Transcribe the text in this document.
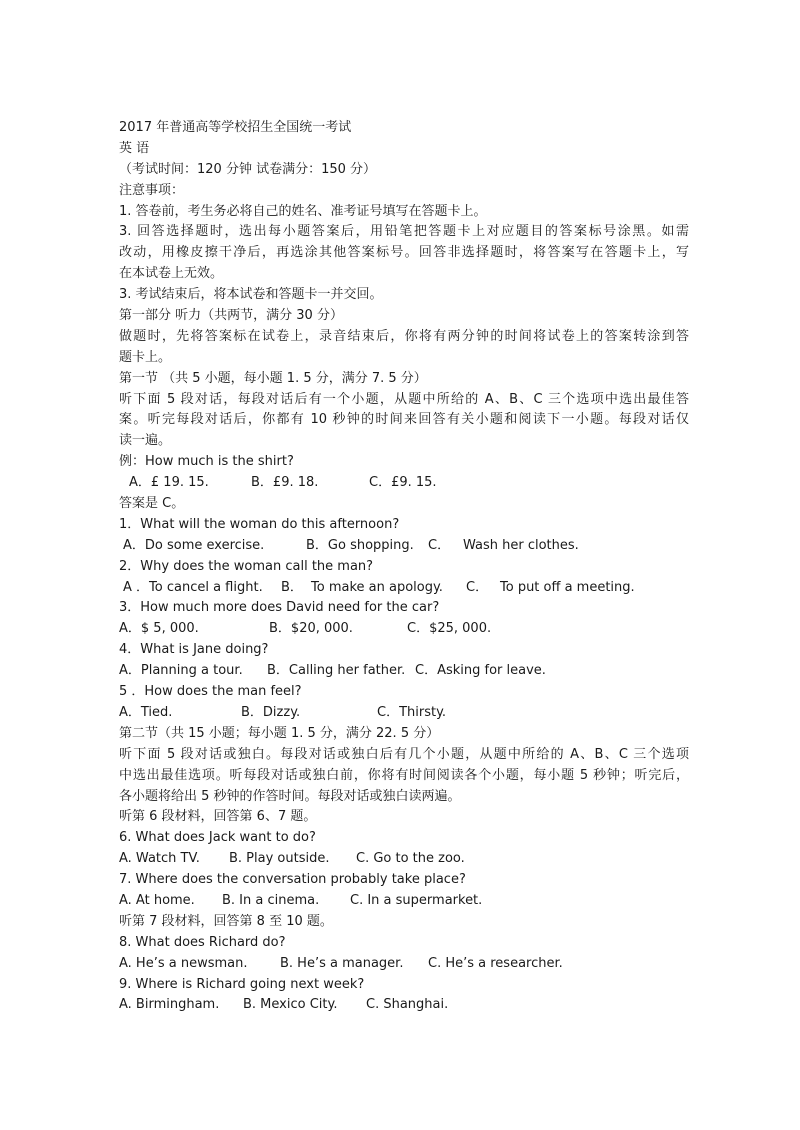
2017 年普通高等学校招生全国统一考试
英 语
（考试时间：120 分钟 试卷满分：150 分）
注意事项：
1. 答卷前，考生务必将自己的姓名、准考证号填写在答题卡上。
3. 回答选择题时，选出每小题答案后，用铅笔把答题卡上对应题目的答案标号涂黑。如需
改动，用橡皮擦干净后，再选涂其他答案标号。回答非选择题时，将答案写在答题卡上，写
在本试卷上无效。
3. 考试结束后，将本试卷和答题卡一并交回。
第一部分 听力（共两节，满分 30 分）
做题时，先将答案标在试卷上，录音结束后，你将有两分钟的时间将试卷上的答案转涂到答
题卡上。
第一节 （共 5 小题，每小题 1. 5 分，满分 7. 5 分）
听下面 5 段对话，每段对话后有一个小题，从题中所给的 A、B、C 三个选项中选出最佳答
案。听完每段对话后，你都有 10 秒钟的时间来回答有关小题和阅读下一小题。每段对话仅
读一遍。
例：How much is the shirt?
A．£ 19. 15.	B．£9. 18.	C．£9. 15.
答案是 C。
1．What will the woman do this afternoon?
A．Do some exercise.	B．Go shopping. C． Wash her clothes.
2．Why does the woman call the man?
A ．To cancel a flight. B． To make an apology. C． To put off a meeting.
3．How much more does David need for the car?
A．$ 5, 000.	B．$20, 000.	C．$25, 000.
4．What is Jane doing?
A．Planning a tour. B．Calling her father. C．Asking for leave.
5 ．How does the man feel?
A．Tied.	B．Dizzy.	C．Thirsty.
第二节（共 15 小题；每小题 1. 5 分，满分 22. 5 分）
听下面 5 段对话或独白。每段对话或独白后有几个小题，从题中所给的 A、B、C 三个选项
中选出最佳选项。听每段对话或独白前，你将有时间阅读各个小题，每小题 5 秒钟；听完后，
各小题将给出 5 秒钟的作答时间。每段对话或独白读两遍。
听第 6 段材料，回答第 6、7 题。
6. What does Jack want to do?
A. Watch TV. B. Play outside. C. Go to the zoo.
7. Where does the conversation probably take place?
A. At home. B. In a cinema. C. In a supermarket.
听第 7 段材料，回答第 8 至 10 题。
8. What does Richard do?
A. He’s a newsman.	B. He’s a manager. C. He’s a researcher.
9. Where is Richard going next week?
A. Birmingham. B. Mexico City. C. Shanghai.
